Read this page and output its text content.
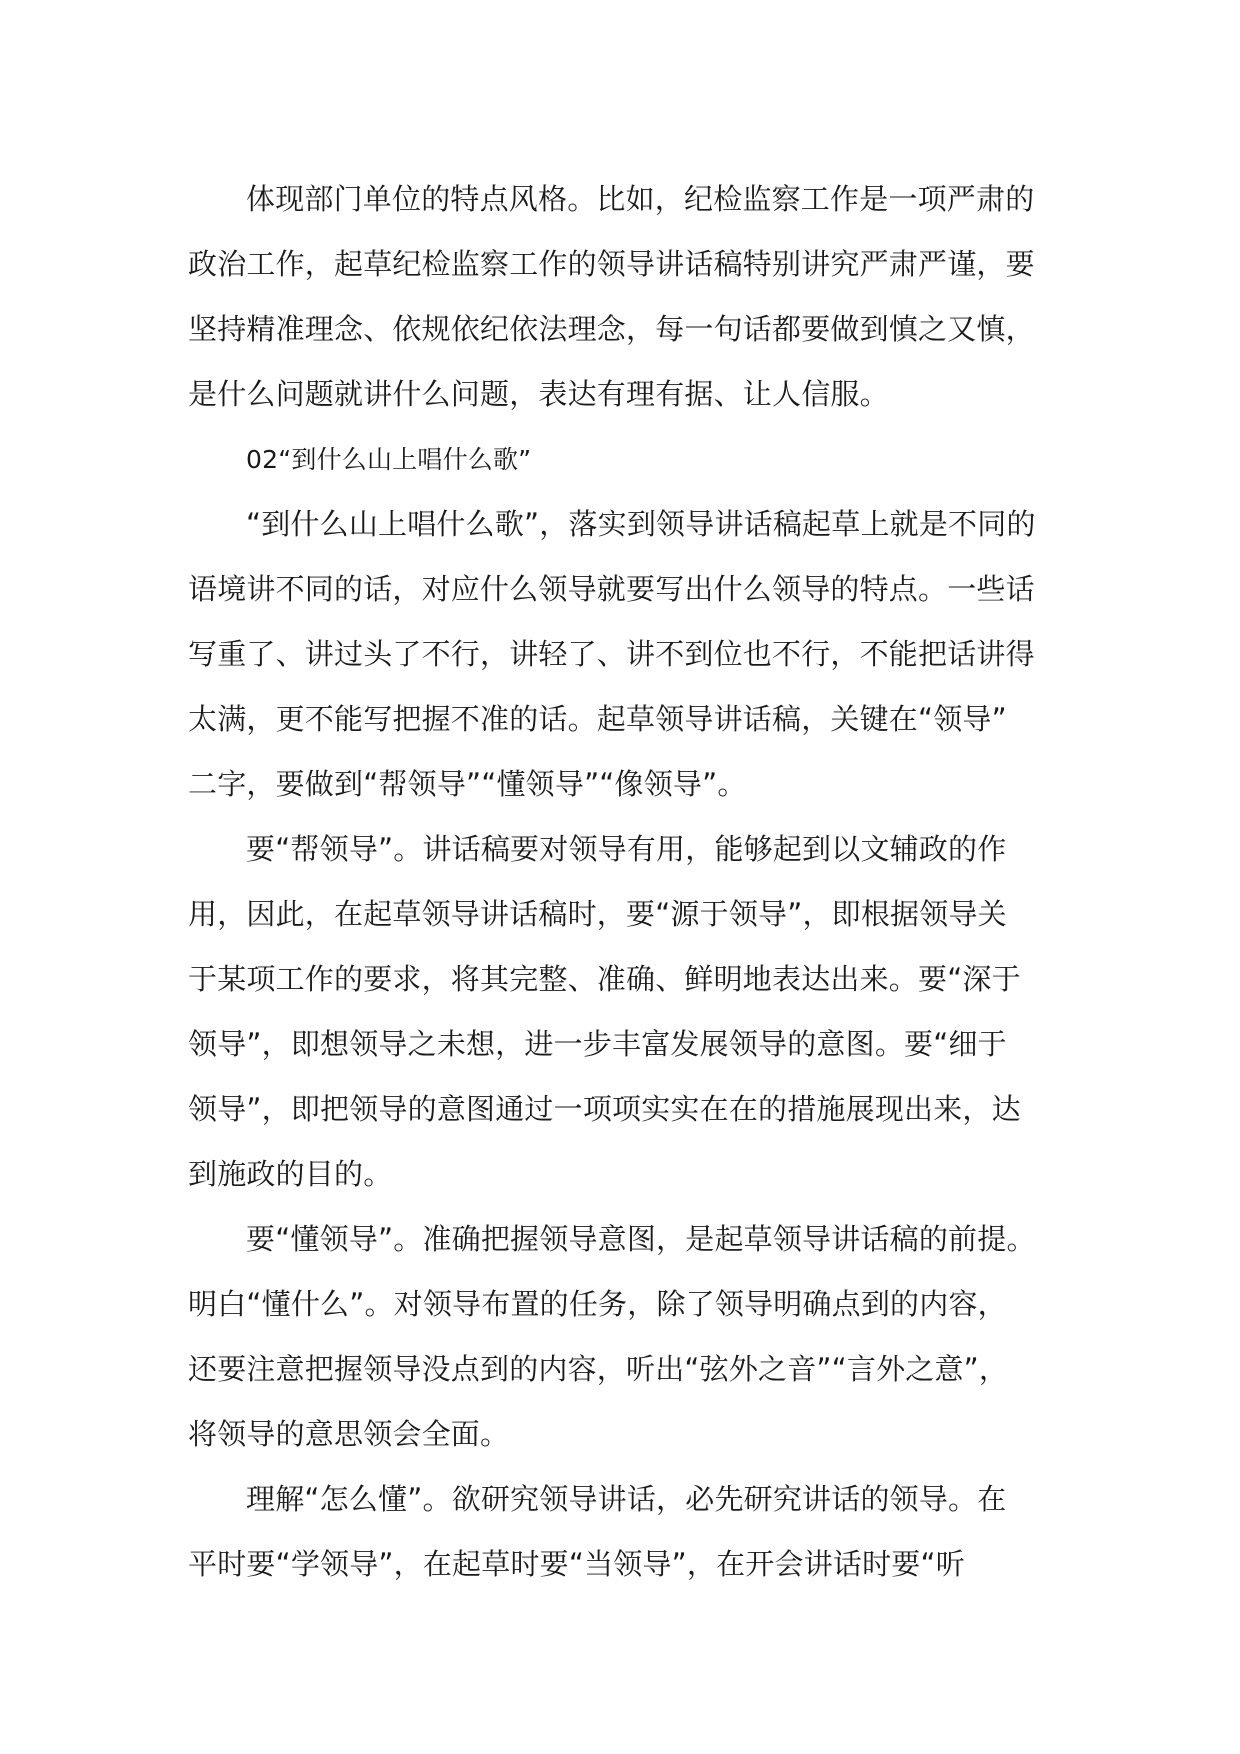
体现部门单位的特点风格。比如，纪检监察工作是一项严肃的
政治工作，起草纪检监察工作的领导讲话稿特别讲究严肃严谨，要
坚持精准理念、依规依纪依法理念，每一句话都要做到慎之又慎，
是什么问题就讲什么问题，表达有理有据、让人信服。
02“到什么山上唱什么歌”
“到什么山上唱什么歌”，落实到领导讲话稿起草上就是不同的
语境讲不同的话，对应什么领导就要写出什么领导的特点。一些话
写重了、讲过头了不行，讲轻了、讲不到位也不行，不能把话讲得
太满，更不能写把握不准的话。起草领导讲话稿，关键在“领导”
二字，要做到“帮领导”“懂领导”“像领导”。
要“帮领导”。讲话稿要对领导有用，能够起到以文辅政的作
用，因此，在起草领导讲话稿时，要“源于领导”，即根据领导关
于某项工作的要求，将其完整、准确、鲜明地表达出来。要“深于
领导”，即想领导之未想，进一步丰富发展领导的意图。要“细于
领导”，即把领导的意图通过一项项实实在在的措施展现出来，达
到施政的目的。
要“懂领导”。准确把握领导意图，是起草领导讲话稿的前提。
明白“懂什么”。对领导布置的任务，除了领导明确点到的内容，
还要注意把握领导没点到的内容，听出“弦外之音”“言外之意”，
将领导的意思领会全面。
理解“怎么懂”。欲研究领导讲话，必先研究讲话的领导。在
平时要“学领导”，在起草时要“当领导”，在开会讲话时要“听
